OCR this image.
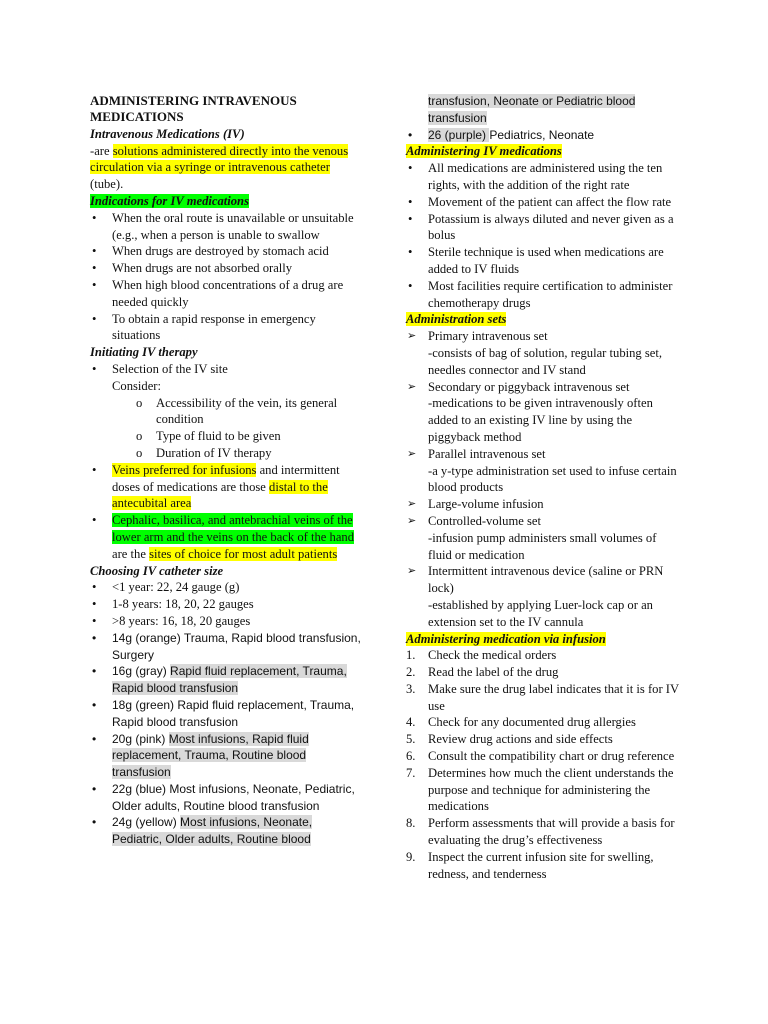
ADMINISTERING INTRAVENOUS
MEDICATIONS

Intravenous Medications (IV)

-are solutions administered directly into the venous circulation via a syringe or intravenous catheter (tube).

Indications for IV medications

• When the oral route is unavailable or unsuitable (e.g., when a person is unable to swallow
• When drugs are destroyed by stomach acid
• When drugs are not absorbed orally
• When high blood concentrations of a drug are needed quickly
• To obtain a rapid response in emergency situations

Initiating IV therapy

• Selection of the IV site
Consider:
o Accessibility of the vein, its general condition
o Type of fluid to be given
o Duration of IV therapy
• Veins preferred for infusions and intermittent doses of medications are those distal to the antecubital area
• Cephalic, basilica, and antebrachial veins of the lower arm and the veins on the back of the hand are the sites of choice for most adult patients

Choosing IV catheter size

• <1 year: 22, 24 gauge (g)
• 1-8 years: 18, 20, 22 gauges
• >8 years: 16, 18, 20 gauges
• 14g (orange) Trauma, Rapid blood transfusion, Surgery
• 16g (gray) Rapid fluid replacement, Trauma, Rapid blood transfusion
• 18g (green) Rapid fluid replacement, Trauma, Rapid blood transfusion
• 20g (pink) Most infusions, Rapid fluid replacement, Trauma, Routine blood transfusion
• 22g (blue) Most infusions, Neonate, Pediatric, Older adults, Routine blood transfusion
• 24g (yellow) Most infusions, Neonate, Pediatric, Older adults, Routine blood

transfusion, Neonate or Pediatric blood transfusion

• 26 (purple) Pediatrics, Neonate

Administering IV medications

• All medications are administered using the ten rights, with the addition of the right rate
• Movement of the patient can affect the flow rate
• Potassium is always diluted and never given as a bolus
• Sterile technique is used when medications are added to IV fluids
• Most facilities require certification to administer chemotherapy drugs

Administration sets

➢ Primary intravenous set
-consists of bag of solution, regular tubing set, needles connector and IV stand
➢ Secondary or piggyback intravenous set
-medications to be given intravenously often added to an existing IV line by using the piggyback method
➢ Parallel intravenous set
-a y-type administration set used to infuse certain blood products
➢ Large-volume infusion
➢ Controlled-volume set
-infusion pump administers small volumes of fluid or medication
➢ Intermittent intravenous device (saline or PRN lock)
-established by applying Luer-lock cap or an extension set to the IV cannula

Administering medication via infusion

1. Check the medical orders
2. Read the label of the drug
3. Make sure the drug label indicates that it is for IV use
4. Check for any documented drug allergies
5. Review drug actions and side effects
6. Consult the compatibility chart or drug reference
7. Determines how much the client understands the purpose and technique for administering the medications
8. Perform assessments that will provide a basis for evaluating the drug’s effectiveness
9. Inspect the current infusion site for swelling, redness, and tenderness
